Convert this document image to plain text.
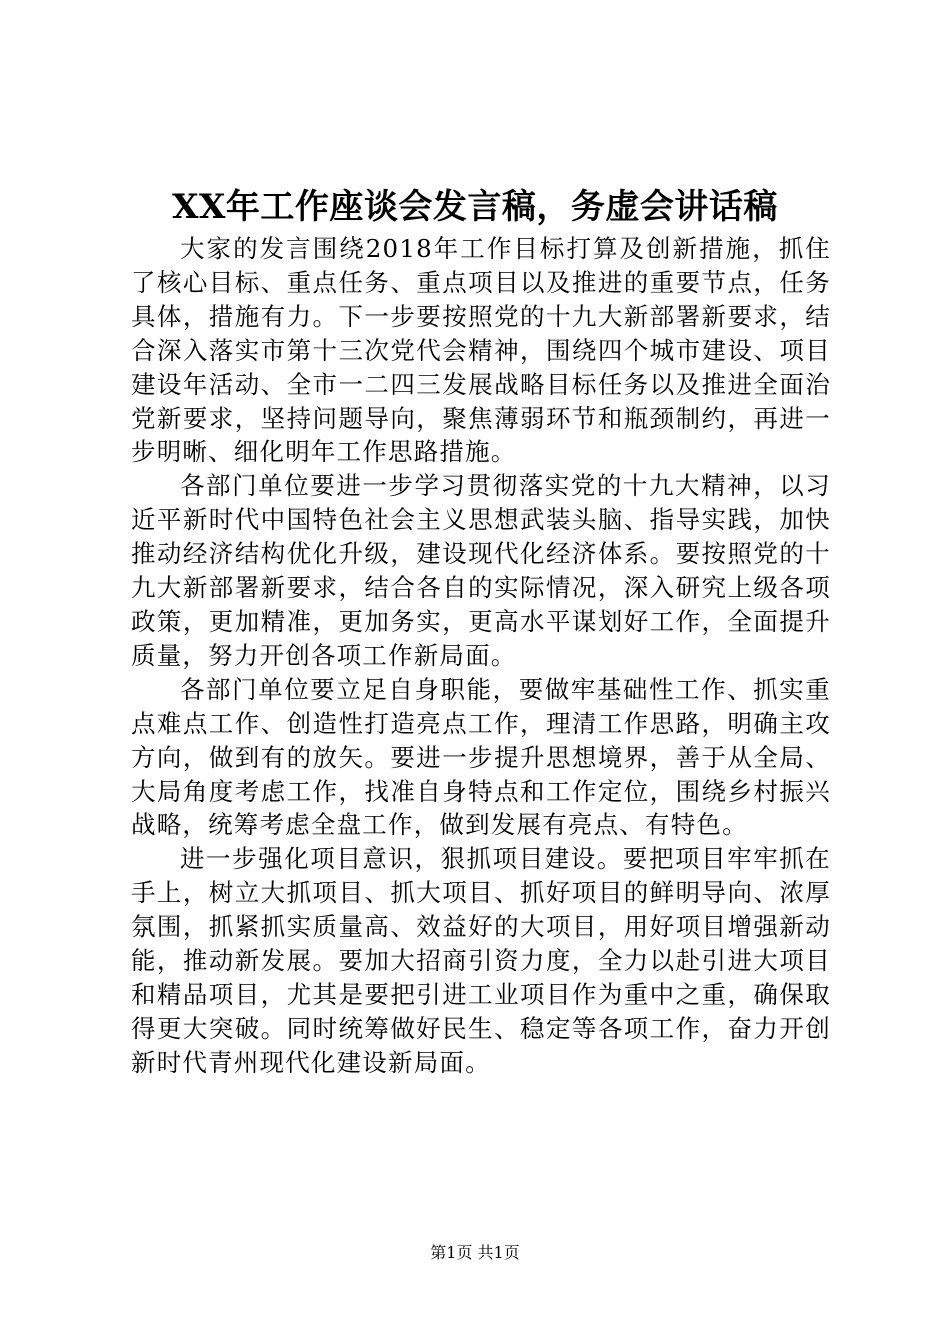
XX年工作座谈会发言稿，务虚会讲话稿

大家的发言围绕2018年工作目标打算及创新措施，抓住了核心目标、重点任务、重点项目以及推进的重要节点，任务具体，措施有力。下一步要按照党的十九大新部署新要求，结合深入落实市第十三次党代会精神，围绕四个城市建设、项目建设年活动、全市一二四三发展战略目标任务以及推进全面治党新要求，坚持问题导向，聚焦薄弱环节和瓶颈制约，再进一步明晰、细化明年工作思路措施。

各部门单位要进一步学习贯彻落实党的十九大精神，以习近平新时代中国特色社会主义思想武装头脑、指导实践，加快推动经济结构优化升级，建设现代化经济体系。要按照党的十九大新部署新要求，结合各自的实际情况，深入研究上级各项政策，更加精准，更加务实，更高水平谋划好工作，全面提升质量，努力开创各项工作新局面。

各部门单位要立足自身职能，要做牢基础性工作、抓实重点难点工作、创造性打造亮点工作，理清工作思路，明确主攻方向，做到有的放矢。要进一步提升思想境界，善于从全局、大局角度考虑工作，找准自身特点和工作定位，围绕乡村振兴战略，统筹考虑全盘工作，做到发展有亮点、有特色。

进一步强化项目意识，狠抓项目建设。要把项目牢牢抓在手上，树立大抓项目、抓大项目、抓好项目的鲜明导向、浓厚氛围，抓紧抓实质量高、效益好的大项目，用好项目增强新动能，推动新发展。要加大招商引资力度，全力以赴引进大项目和精品项目，尤其是要把引进工业项目作为重中之重，确保取得更大突破。同时统筹做好民生、稳定等各项工作，奋力开创新时代青州现代化建设新局面。

第1页 共1页
